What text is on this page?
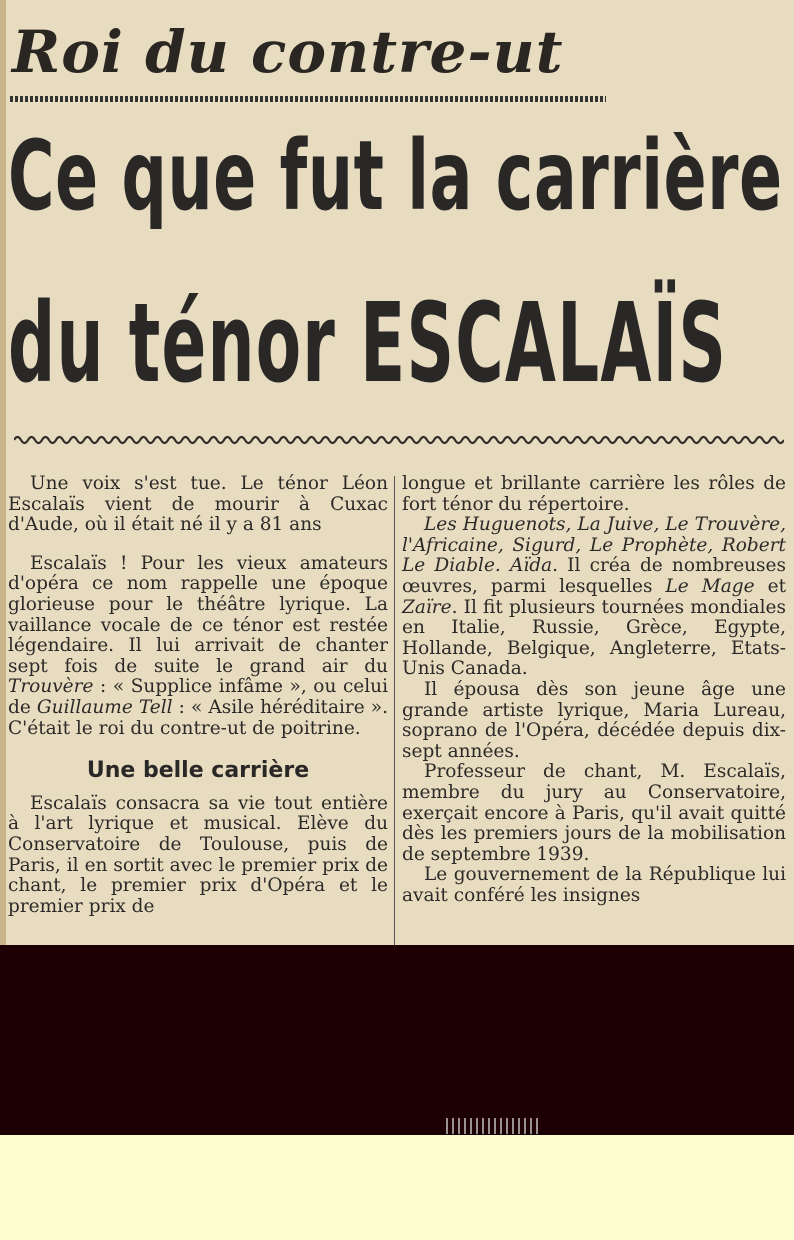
Roi du contre-ut
Ce que fut la carrière
du ténor ESCALAÏS

Une voix s'est tue. Le ténor Léon Escalaïs vient de mourir à Cuxac d'Aude, où il était né il y a 81 ans

Escalaïs ! Pour les vieux amateurs d'opéra ce nom rappelle une époque glorieuse pour le théâtre lyrique. La vaillance vocale de ce ténor est restée légendaire. Il lui arrivait de chanter sept fois de suite le grand air du Trouvère : « Supplice infâme », ou celui de Guillaume Tell : « Asile héréditaire ». C'était le roi du contre-ut de poitrine.

Une belle carrière

Escalaïs consacra sa vie tout entière à l'art lyrique et musical. Elève du Conservatoire de Toulouse, puis de Paris, il en sortit avec le premier prix de chant, le premier prix d'Opéra et le premier prix de

longue et brillante carrière les rôles de fort ténor du répertoire.

Les Huguenots, La Juive, Le Trouvère, l'Africaine, Sigurd, Le Prophète, Robert Le Diable. Aïda. Il créa de nombreuses œuvres, parmi lesquelles Le Mage et Zaïre. Il fit plusieurs tournées mondiales en Italie, Russie, Grèce, Egypte, Hollande, Belgique, Angleterre, Etats-Unis Canada.

Il épousa dès son jeune âge une grande artiste lyrique, Maria Lureau, soprano de l'Opéra, décédée depuis dix-sept années.

Professeur de chant, M. Escalaïs, membre du jury au Conservatoire, exerçait encore à Paris, qu'il avait quitté dès les premiers jours de la mobilisation de septembre 1939.

Le gouvernement de la République lui avait conféré les insignes
